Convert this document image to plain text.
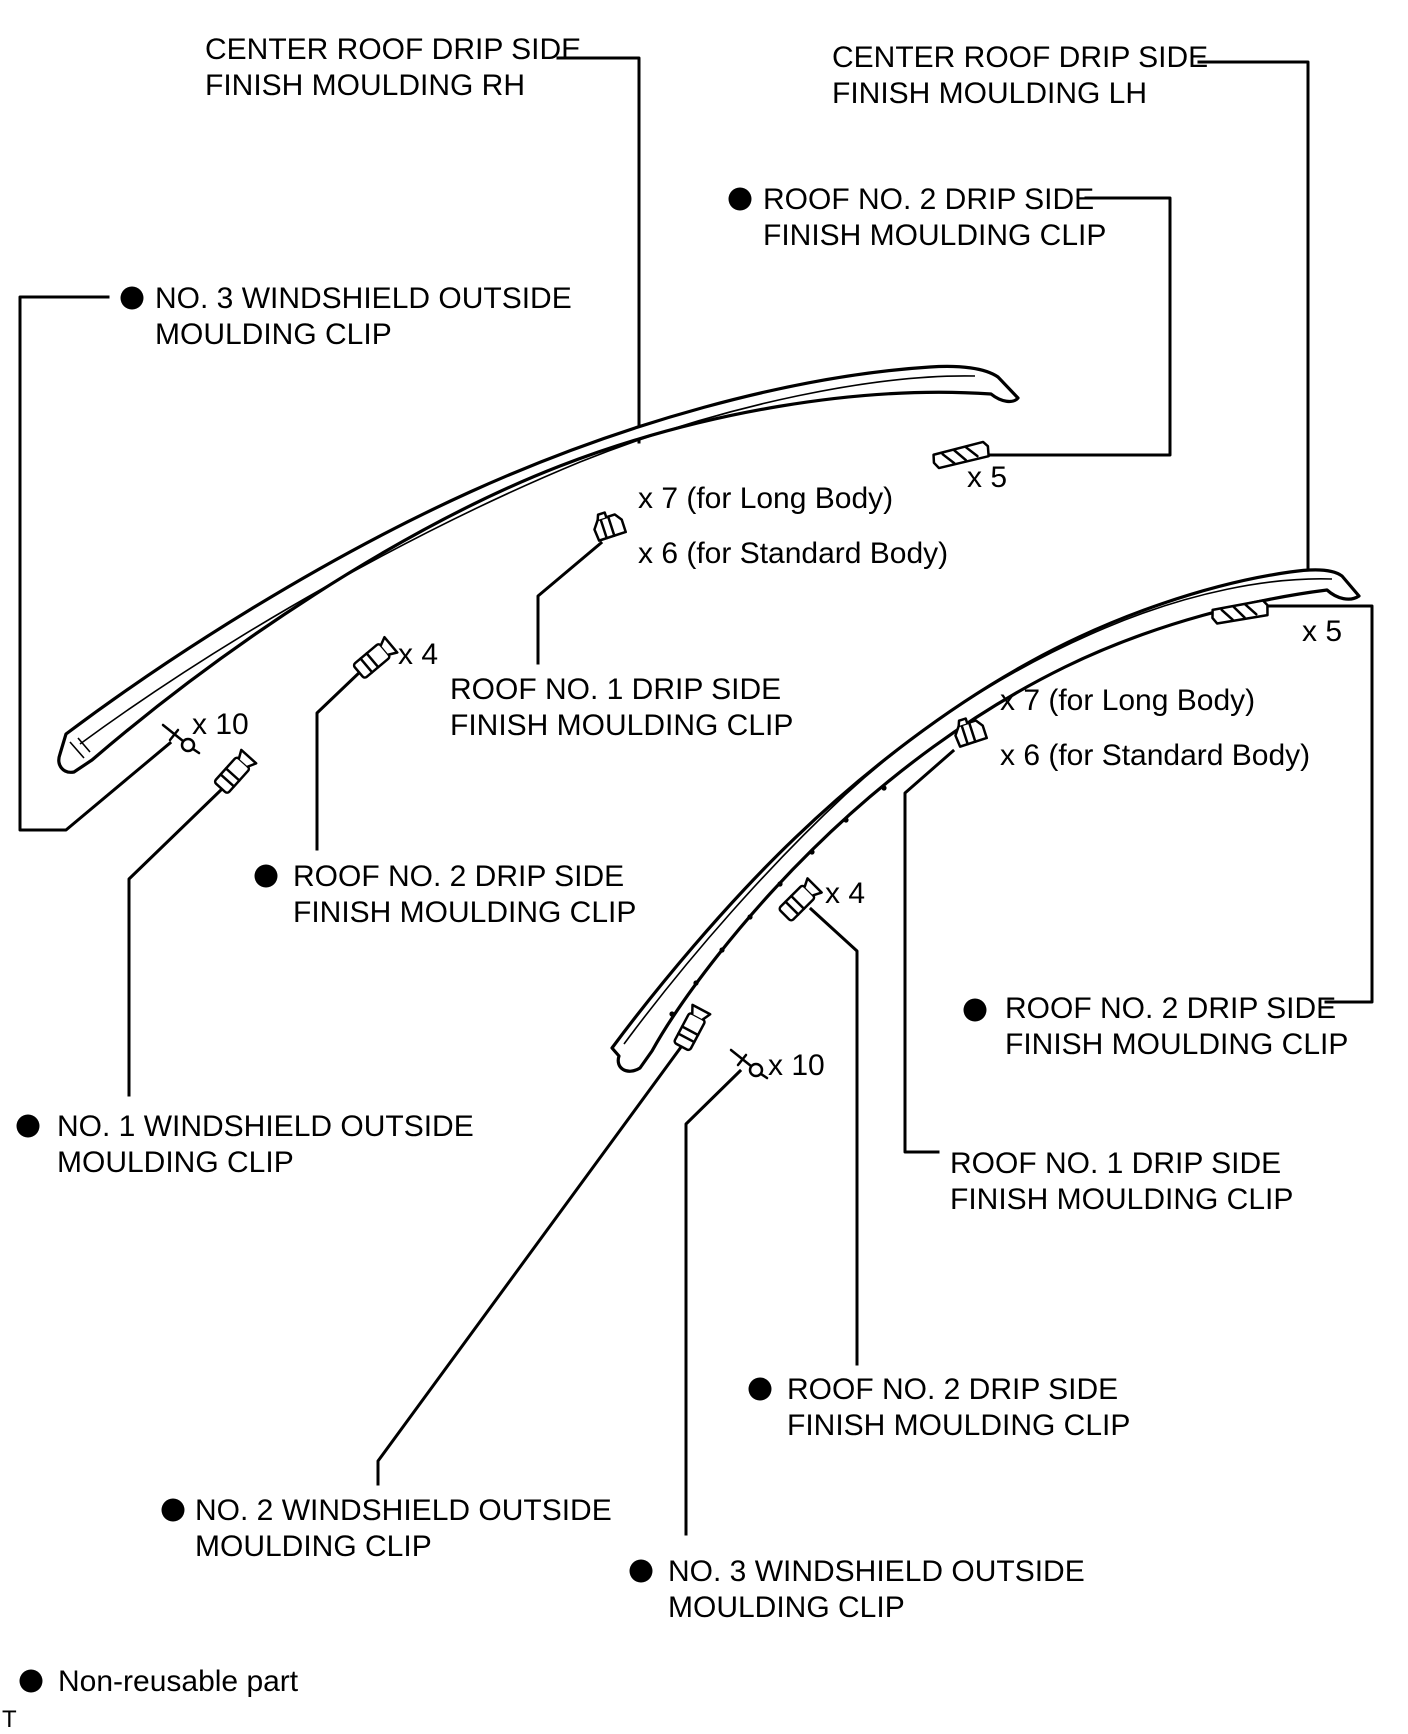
CENTER ROOF DRIP SIDE
FINISH MOULDING RH
CENTER ROOF DRIP SIDE
FINISH MOULDING LH
ROOF NO. 2 DRIP SIDE
FINISH MOULDING CLIP
NO. 3 WINDSHIELD OUTSIDE
MOULDING CLIP
x 7 (for Long Body)
x 6 (for Standard Body)
x 5
x 4
x 10
ROOF NO. 1 DRIP SIDE
FINISH MOULDING CLIP
ROOF NO. 2 DRIP SIDE
FINISH MOULDING CLIP
x 7 (for Long Body)
x 6 (for Standard Body)
x 5
x 4
x 10
ROOF NO. 2 DRIP SIDE
FINISH MOULDING CLIP
NO. 1 WINDSHIELD OUTSIDE
MOULDING CLIP	ROOF NO. 1 DRIP SIDE
FINISH MOULDING CLIP
ROOF NO. 2 DRIP SIDE
FINISH MOULDING CLIP
NO. 2 WINDSHIELD OUTSIDE
MOULDING CLIP
NO. 3 WINDSHIELD OUTSIDE
MOULDING CLIP
Non-reusable part
T
